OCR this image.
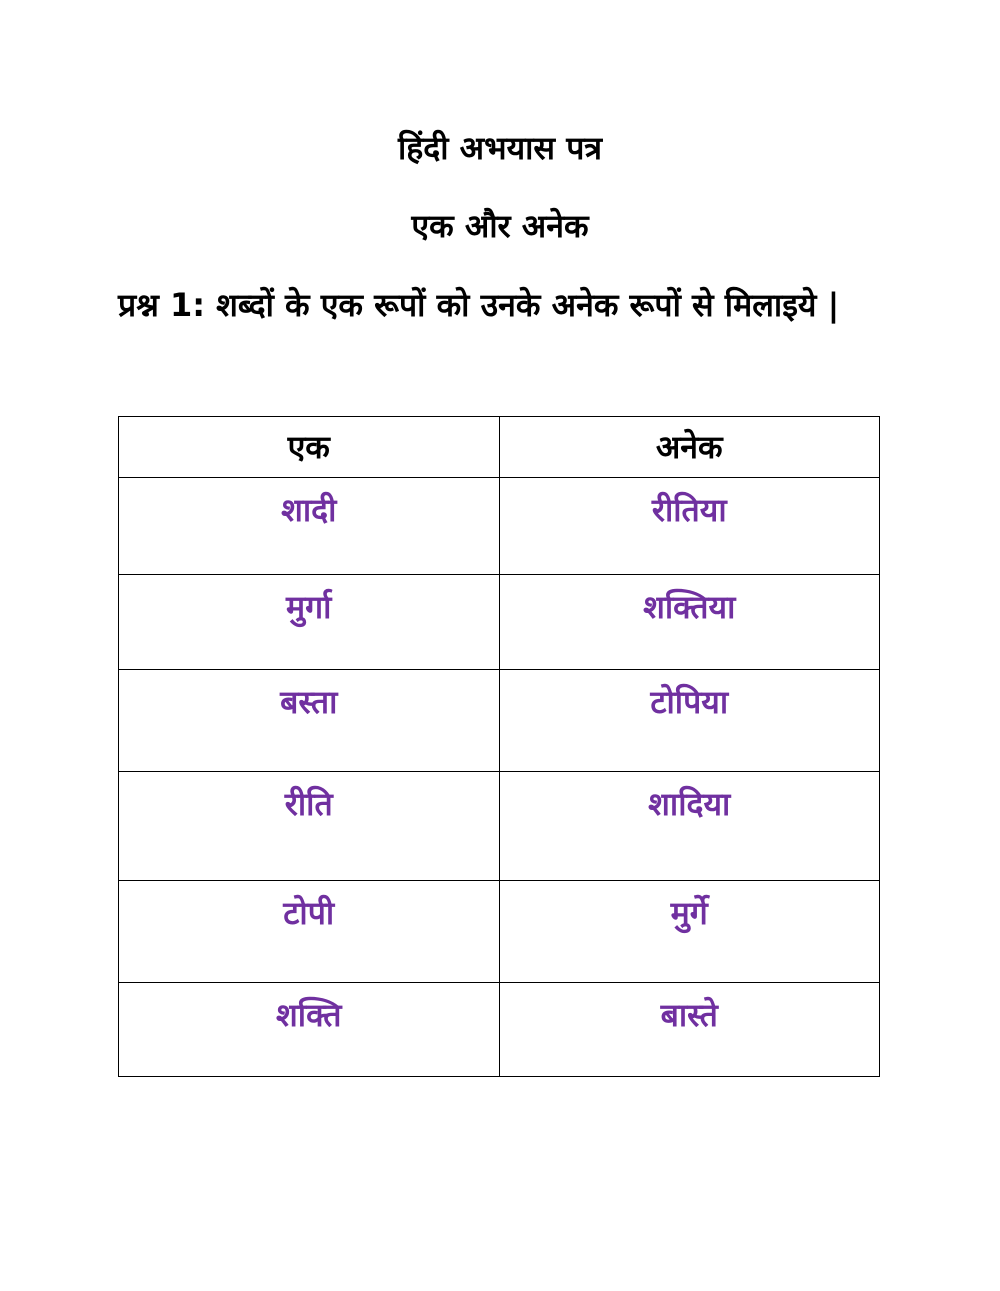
हिंदी अभयास पत्र
एक और अनेक
प्रश्न 1: शब्दों के एक रूपों को उनके अनेक रूपों से मिलाइये |
एक	अनेक
शादी	रीतिया
मुर्गा	शक्तिया
बस्ता	टोपिया
रीति	शादिया
टोपी	मुर्गे
शक्ति	बास्ते
